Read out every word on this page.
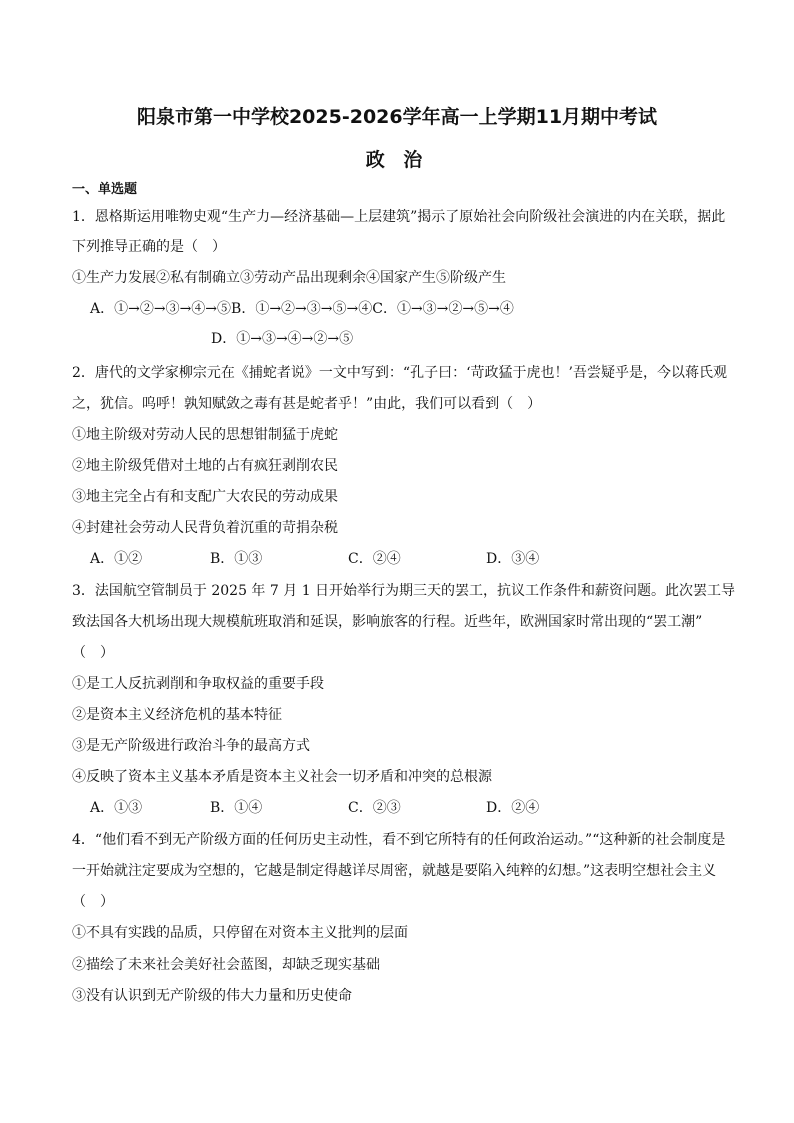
阳泉市第一中学校2025-2026学年高一上学期11月期中考试
政 治
一、单选题
1．恩格斯运用唯物史观“生产力—经济基础—上层建筑”揭示了原始社会向阶级社会演进的内在关联，据此
下列推导正确的是（　）
①生产力发展②私有制确立③劳动产品出现剩余④国家产生⑤阶级产生
A．①→②→③→④→⑤B．①→②→③→⑤→④C．①→③→②→⑤→④
D．①→③→④→②→⑤
2．唐代的文学家柳宗元在《捕蛇者说》一文中写到：“孔子曰：‘苛政猛于虎也！’吾尝疑乎是，今以蒋氏观
之，犹信。呜呼！孰知赋敛之毒有甚是蛇者乎！”由此，我们可以看到（　）
①地主阶级对劳动人民的思想钳制猛于虎蛇
②地主阶级凭借对土地的占有疯狂剥削农民
③地主完全占有和支配广大农民的劳动成果
④封建社会劳动人民背负着沉重的苛捐杂税
A．①②	B．①③	C．②④	D．③④
3．法国航空管制员于 2025 年 7 月 1 日开始举行为期三天的罢工，抗议工作条件和薪资问题。此次罢工导
致法国各大机场出现大规模航班取消和延误，影响旅客的行程。近些年，欧洲国家时常出现的“罢工潮”
（　）
①是工人反抗剥削和争取权益的重要手段
②是资本主义经济危机的基本特征
③是无产阶级进行政治斗争的最高方式
④反映了资本主义基本矛盾是资本主义社会一切矛盾和冲突的总根源
A．①③	B．①④	C．②③	D．②④
4．“他们看不到无产阶级方面的任何历史主动性，看不到它所特有的任何政治运动。”“这种新的社会制度是
一开始就注定要成为空想的，它越是制定得越详尽周密，就越是要陷入纯粹的幻想。”这表明空想社会主义
（　）
①不具有实践的品质，只停留在对资本主义批判的层面
②描绘了未来社会美好社会蓝图，却缺乏现实基础
③没有认识到无产阶级的伟大力量和历史使命
